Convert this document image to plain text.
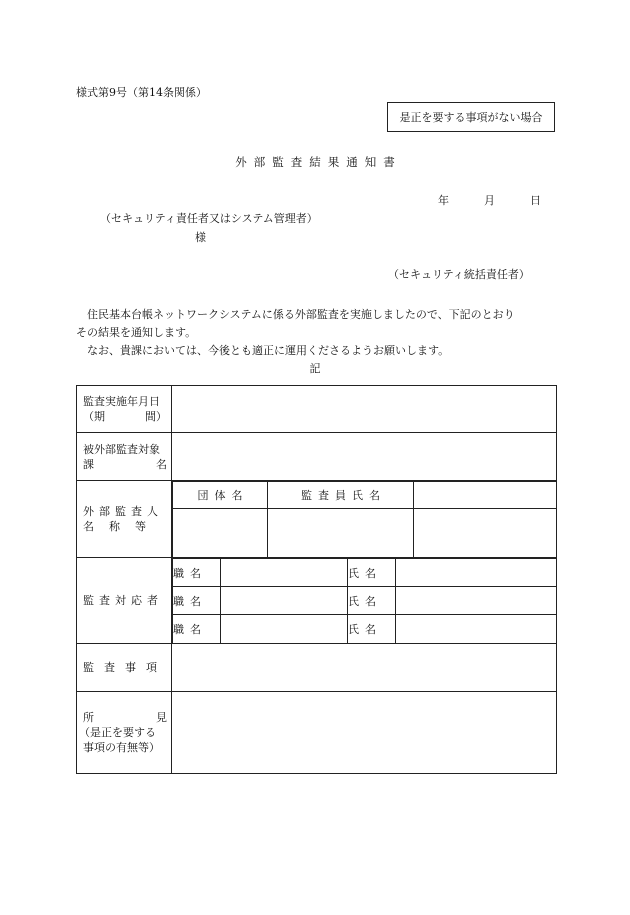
様式第9号（第14条関係）
是正を要する事項がない場合
外部監査結果通知書
年	月	日
（セキュリティ責任者又はシステム管理者）
様
（セキュリティ統括責任者）

住民基本台帳ネットワークシステムに係る外部監査を実施しましたので、下記のとおり

その結果を通知します。

なお、貴課においては、今後とも適正に運用くださるようお願いします。

記
監査実施年月日
（期	間）

被外部監査対象
課	名

外部監査人
名称等

団体名	監査員氏名	

監査対応者	
職名		氏名	
職名		氏名	
職名		氏名	

監査事項	

所	見
（是正を要する
事項の有無等）
